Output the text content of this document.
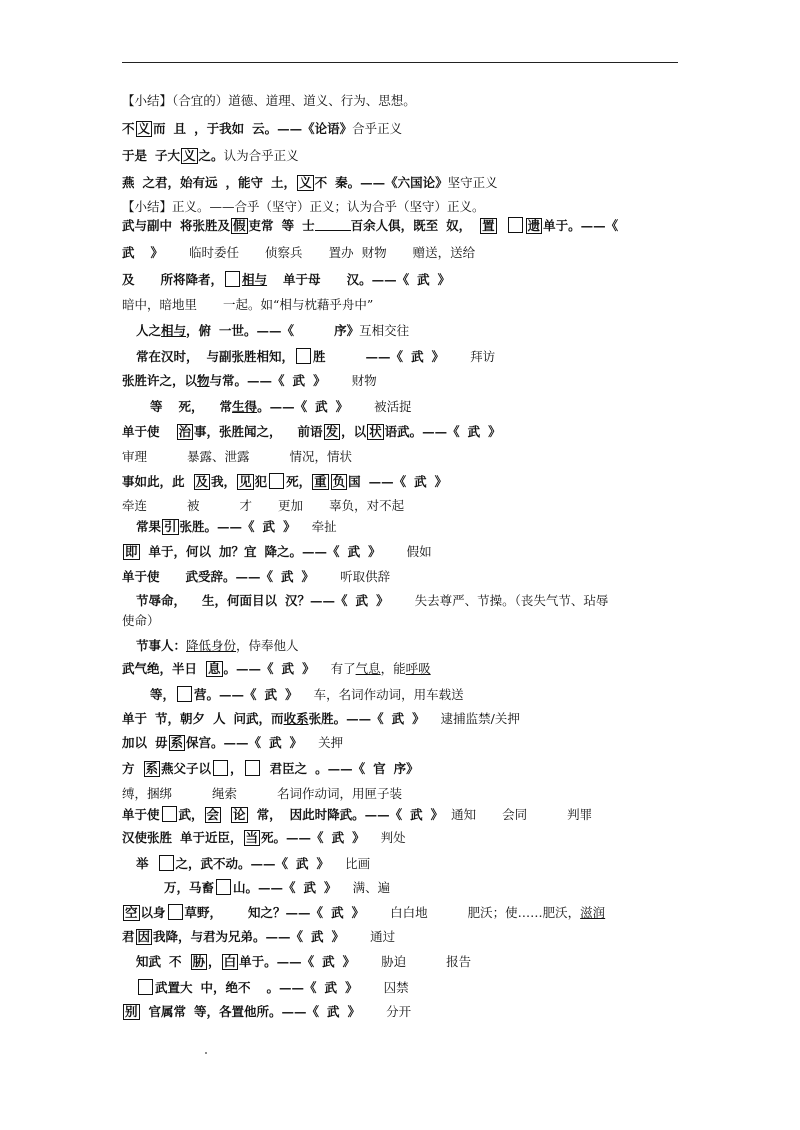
【小结】（合宜的）道德、道理、道义、行为、思想。
不 义 而 且 ，于我如 云。——《论语》合乎正义
于是 子大 义 之。认为合乎正义
燕 之君，始有远 ，能守 土， 义 不 秦。——《六国论》坚守正义
【小结】正义。——合乎（坚守）正义；认为合乎（坚守）正义。
武与副中 将张胜及 假 吏常 等 士	百余人俱，既至 奴， 置	遗 单于。——《
武 》 临时委任 侦察兵 置办 财物 赠送，送给
及 所将降者， 相与 单于母 汉。——《 武 》
暗中，暗地里 一起。如“相与枕藉乎舟中”
人之相与，俯 一世。——《	序》互相交往
常在汉时， 与副张胜相知， 胜	——《 武 》 拜访
张胜许之，以物与常。——《 武 》 财物
等 死， 常生得。——《 武 》 被活捉
单于使 治 事，张胜闻之， 前语 发 ，以 状 语武。——《 武 》
审理	暴露、泄露	情况，情状
事如此，此 及 我， 见 犯 死， 重 负 国 ——《 武 》
牵连	被	才 更加 辜负，对不起
常果 引 张胜。——《 武 》 牵扯
即 单于，何以 加？宜 降之。——《 武 》 假如
单于使 武受辞。——《 武 》 听取供辞
节辱命， 生，何面目以 汉？——《 武 》 失去尊严、节操。（丧失气节、玷辱
使命）
节事人：降低身份，侍奉他人
武气绝，半日 息 。——《 武 》 有了气息，能呼吸
等， 营。——《 武 》 车，名词作动词，用车载送
单于 节，朝夕 人 问武，而收系张胜。——《 武 》 逮捕监禁/关押
加以 毋 系 保宫。——《 武 》 关押
方 系 燕父子以 ， 君臣之 。——《 官 序》
缚，捆绑	绳索	名词作动词，用匣子装
单于使 武， 会 论 常， 因此时降武。——《 武 》 通知 会同	判罪
汉使张胜 单于近臣， 当 死。——《 武 》 判处
举 之，武不动。——《 武 》 比画
万，马畜 山。——《 武 》 满、遍
空 以身 草野， 知之？——《 武 》 白白地	肥沃；使……肥沃，滋润
君 因 我降，与君为兄弟。——《 武 》 通过
知武 不 胁 ， 白 单于。——《 武 》 胁迫	报告
武置大 中，绝不 。——《 武 》 囚禁
别 官属常 等，各置他所。——《 武 》 分开
